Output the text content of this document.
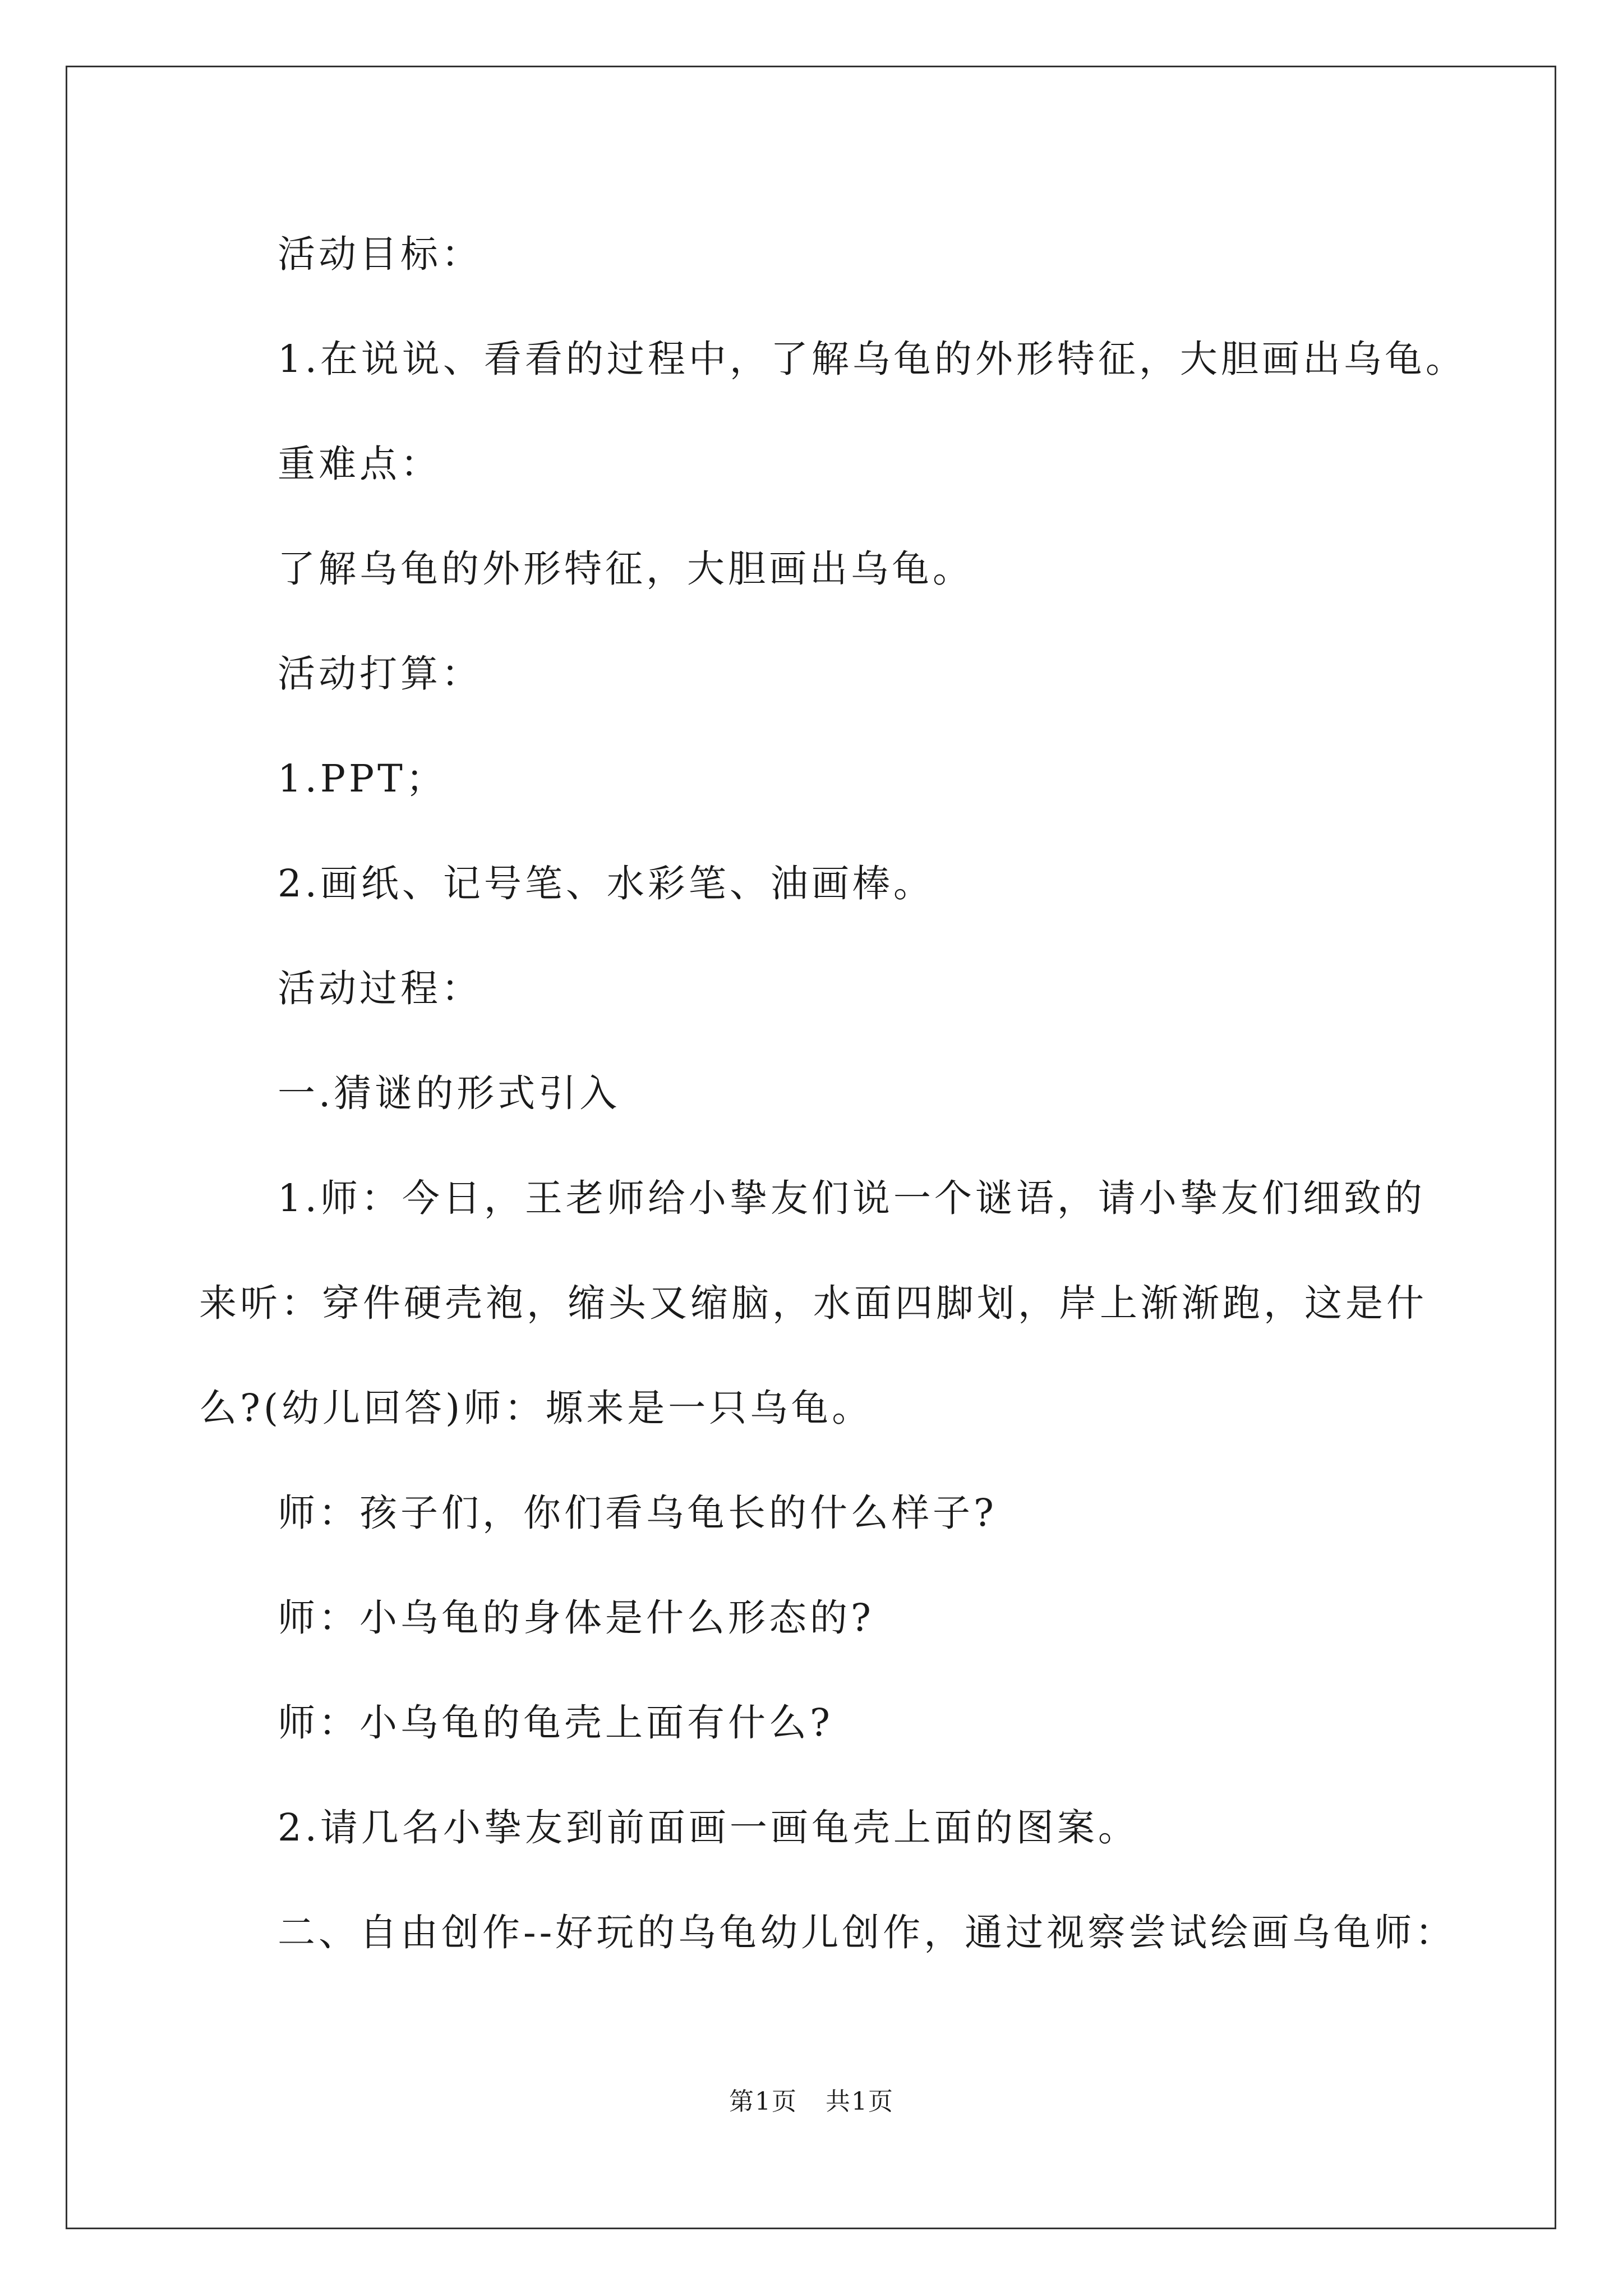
活动目标：

1.在说说、看看的过程中，了解乌龟的外形特征，大胆画出乌龟。

重难点：

了解乌龟的外形特征，大胆画出乌龟。

活动打算：

1.PPT；

2.画纸、记号笔、水彩笔、油画棒。

活动过程：

一.猜谜的形式引入

1.师：今日，王老师给小挚友们说一个谜语，请小挚友们细致的

来听：穿件硬壳袍，缩头又缩脑，水面四脚划，岸上渐渐跑，这是什

么?(幼儿回答)师：塬来是一只乌龟。

师：孩子们，你们看乌龟长的什么样子?

师：小乌龟的身体是什么形态的?

师：小乌龟的龟壳上面有什么?

2.请几名小挚友到前面画一画龟壳上面的图案。

二、自由创作--好玩的乌龟幼儿创作，通过视察尝试绘画乌龟师：

第1页 共1页
